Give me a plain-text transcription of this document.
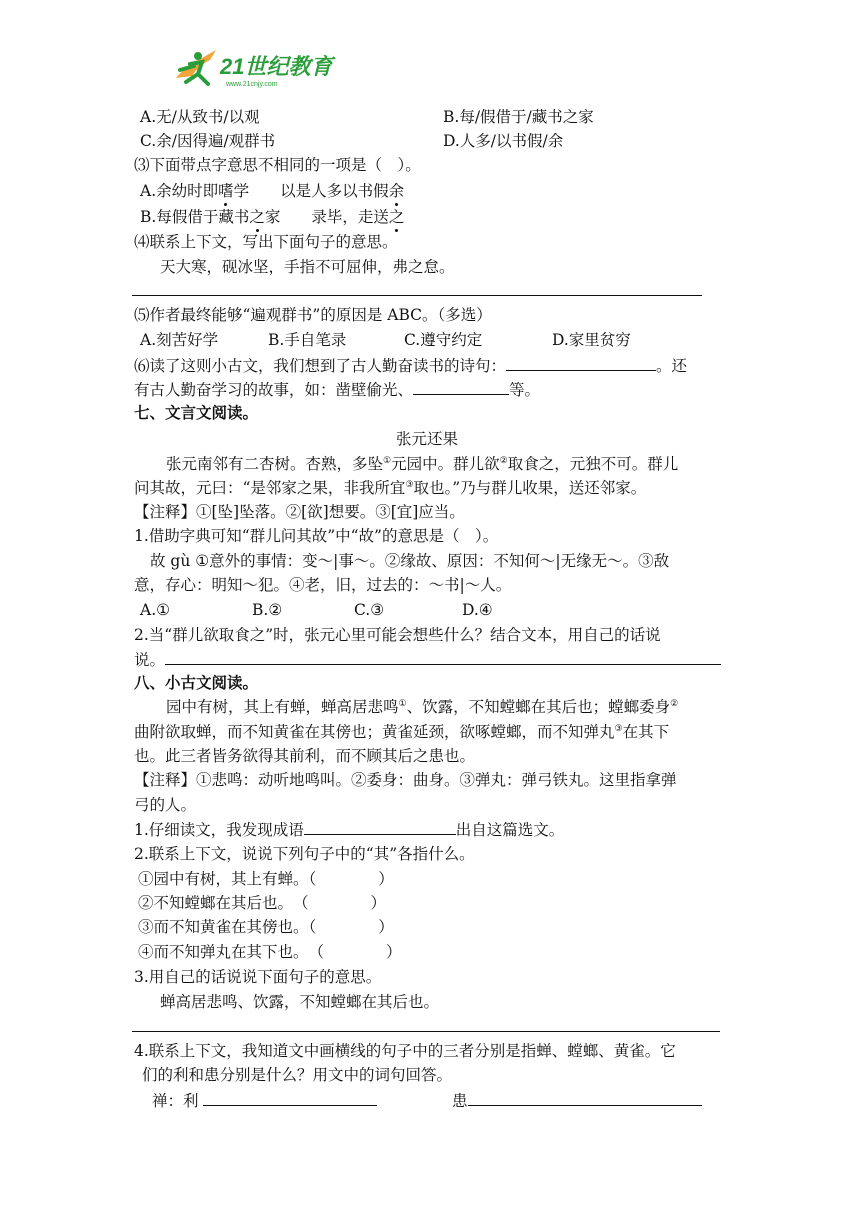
21世纪教育
www.21cnjy.com
A.无/从致书/以观	B.每/假借于/藏书之家
C.余/因得遍/观群书	D.人多/以书假/余
⑶下面带点字意思不相同的一项是（　）。
A.余幼时即嗜学　　以是人多以书假余
B.每假借于藏书之家　　录毕，走送之
⑷联系上下文，写出下面句子的意思。
天大寒，砚冰坚，手指不可屈伸，弗之怠。
⑸作者最终能够“遍观群书”的原因是 ABC。（多选）
A.刻苦好学	B.手自笔录	C.遵守约定	D.家里贫穷
⑹读了这则小古文，我们想到了古人勤奋读书的诗句：	。还
有古人勤奋学习的故事，如：凿壁偷光、	等。
七、文言文阅读。
张元还果
张元南邻有二杏树。杏熟，多坠①元园中。群儿欲②取食之，元独不可。群儿
问其故，元曰：“是邻家之果，非我所宜③取也。”乃与群儿收果，送还邻家。
【注释】①[坠]坠落。②[欲]想要。③[宜]应当。
1.借助字典可知“群儿问其故”中“故”的意思是（　）。
故 gù ①意外的事情：变～|事～。②缘故、原因：不知何～|无缘无～。③敌
意，存心：明知～犯。④老，旧，过去的：～书|～人。
A.①	B.②	C.③	D.④
2.当“群儿欲取食之”时，张元心里可能会想些什么？结合文本，用自己的话说
说。
八、小古文阅读。
园中有树，其上有蝉，蝉高居悲鸣①、饮露，不知螳螂在其后也；螳螂委身②
曲附欲取蝉，而不知黄雀在其傍也；黄雀延颈，欲啄螳螂，而不知弹丸③在其下
也。此三者皆务欲得其前利，而不顾其后之患也。
【注释】①悲鸣：动听地鸣叫。②委身：曲身。③弹丸：弹弓铁丸。这里指拿弹
弓的人。
1.仔细读文，我发现成语	出自这篇选文。
2.联系上下文，说说下列句子中的“其”各指什么。
①园中有树，其上有蝉。（　　　　）
②不知螳螂在其后也。　（　　　　）
③而不知黄雀在其傍也。（　　　　）
④而不知弹丸在其下也。　（　　　　）
3.用自己的话说说下面句子的意思。
蝉高居悲鸣、饮露，不知螳螂在其后也。
4.联系上下文，我知道文中画横线的句子中的三者分别是指蝉、螳螂、黄雀。它
们的利和患分别是什么？用文中的词句回答。
禅：利	患
